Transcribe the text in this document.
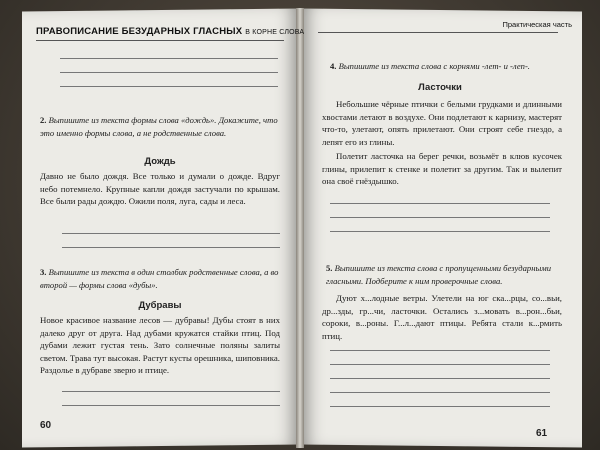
ПРАВОПИСАНИЕ БЕЗУДАРНЫХ ГЛАСНЫХ В КОРНЕ СЛОВА
2. Выпишите из текста формы слова «дождь». Докажите, что это именно формы слова, а не родственные слова.
Дождь
Давно не было дождя. Все только и думали о дожде. Вдруг небо потемнело. Крупные капли дождя застучали по крышам. Все были рады дождю. Ожили поля, луга, сады и леса.
3. Выпишите из текста в один столбик родственные слова, а во второй — формы слова «дубы».
Дубравы
Новое красивое название лесов — дубравы! Дубы стоят в них далеко друг от друга. Над дубами кружатся стайки птиц. Под дубами лежит густая тень. Зато солнечные поляны залиты светом. Трава тут высокая. Растут кусты орешника, шиповника. Раздолье в дубраве зверю и птице.
60
Практическая часть
4. Выпишите из текста слова с корнями -лет- и -леп-.
Ласточки
Небольшие чёрные птички с белыми грудками и длинными хвостами летают в воздухе. Они подлетают к карнизу, мастерят что-то, улетают, опять прилетают. Они строят себе гнездо, а лепят его из глины.
Полетит ласточка на берег речки, возьмёт в клюв кусочек глины, прилепит к стенке и полетит за другим. Так и вылепит она своё гнёздышко.
5. Выпишите из текста слова с пропущенными безударными гласными. Подберите к ним проверочные слова.
Дуют х...лодные ветры. Улетели на юг ска...рцы, со...вьи, др...зды, гр...чи, ласточки. Остались з...мовать в...рон...бьи, сороки, в...роны. Г...л...дают птицы. Ребята стали к...рмить птиц.
61
